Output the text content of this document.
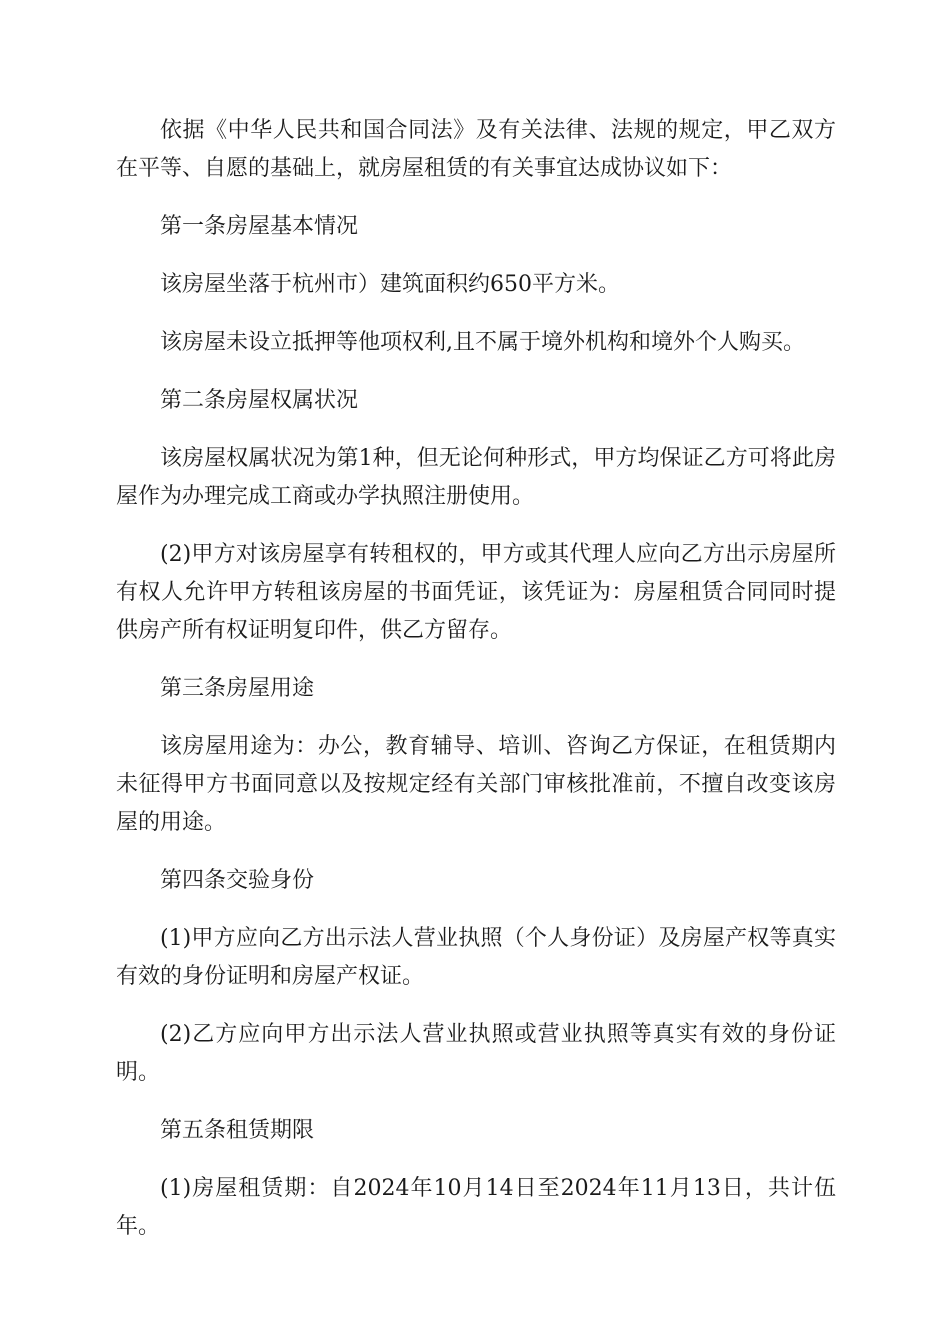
依据《中华人民共和国合同法》及有关法律、法规的规定，甲乙双方在平等、自愿的基础上，就房屋租赁的有关事宜达成协议如下：

第一条房屋基本情况

该房屋坐落于杭州市）建筑面积约650平方米。

该房屋未设立抵押等他项权利,且不属于境外机构和境外个人购买。

第二条房屋权属状况

该房屋权属状况为第1种，但无论何种形式，甲方均保证乙方可将此房屋作为办理完成工商或办学执照注册使用。

(2)甲方对该房屋享有转租权的，甲方或其代理人应向乙方出示房屋所有权人允许甲方转租该房屋的书面凭证，该凭证为：房屋租赁合同同时提供房产所有权证明复印件，供乙方留存。

第三条房屋用途

该房屋用途为：办公，教育辅导、培训、咨询乙方保证，在租赁期内未征得甲方书面同意以及按规定经有关部门审核批准前，不擅自改变该房屋的用途。

第四条交验身份

(1)甲方应向乙方出示法人营业执照（个人身份证）及房屋产权等真实有效的身份证明和房屋产权证。

(2)乙方应向甲方出示法人营业执照或营业执照等真实有效的身份证明。

第五条租赁期限

(1)房屋租赁期：自2024年10月14日至2024年11月13日，共计伍年。
